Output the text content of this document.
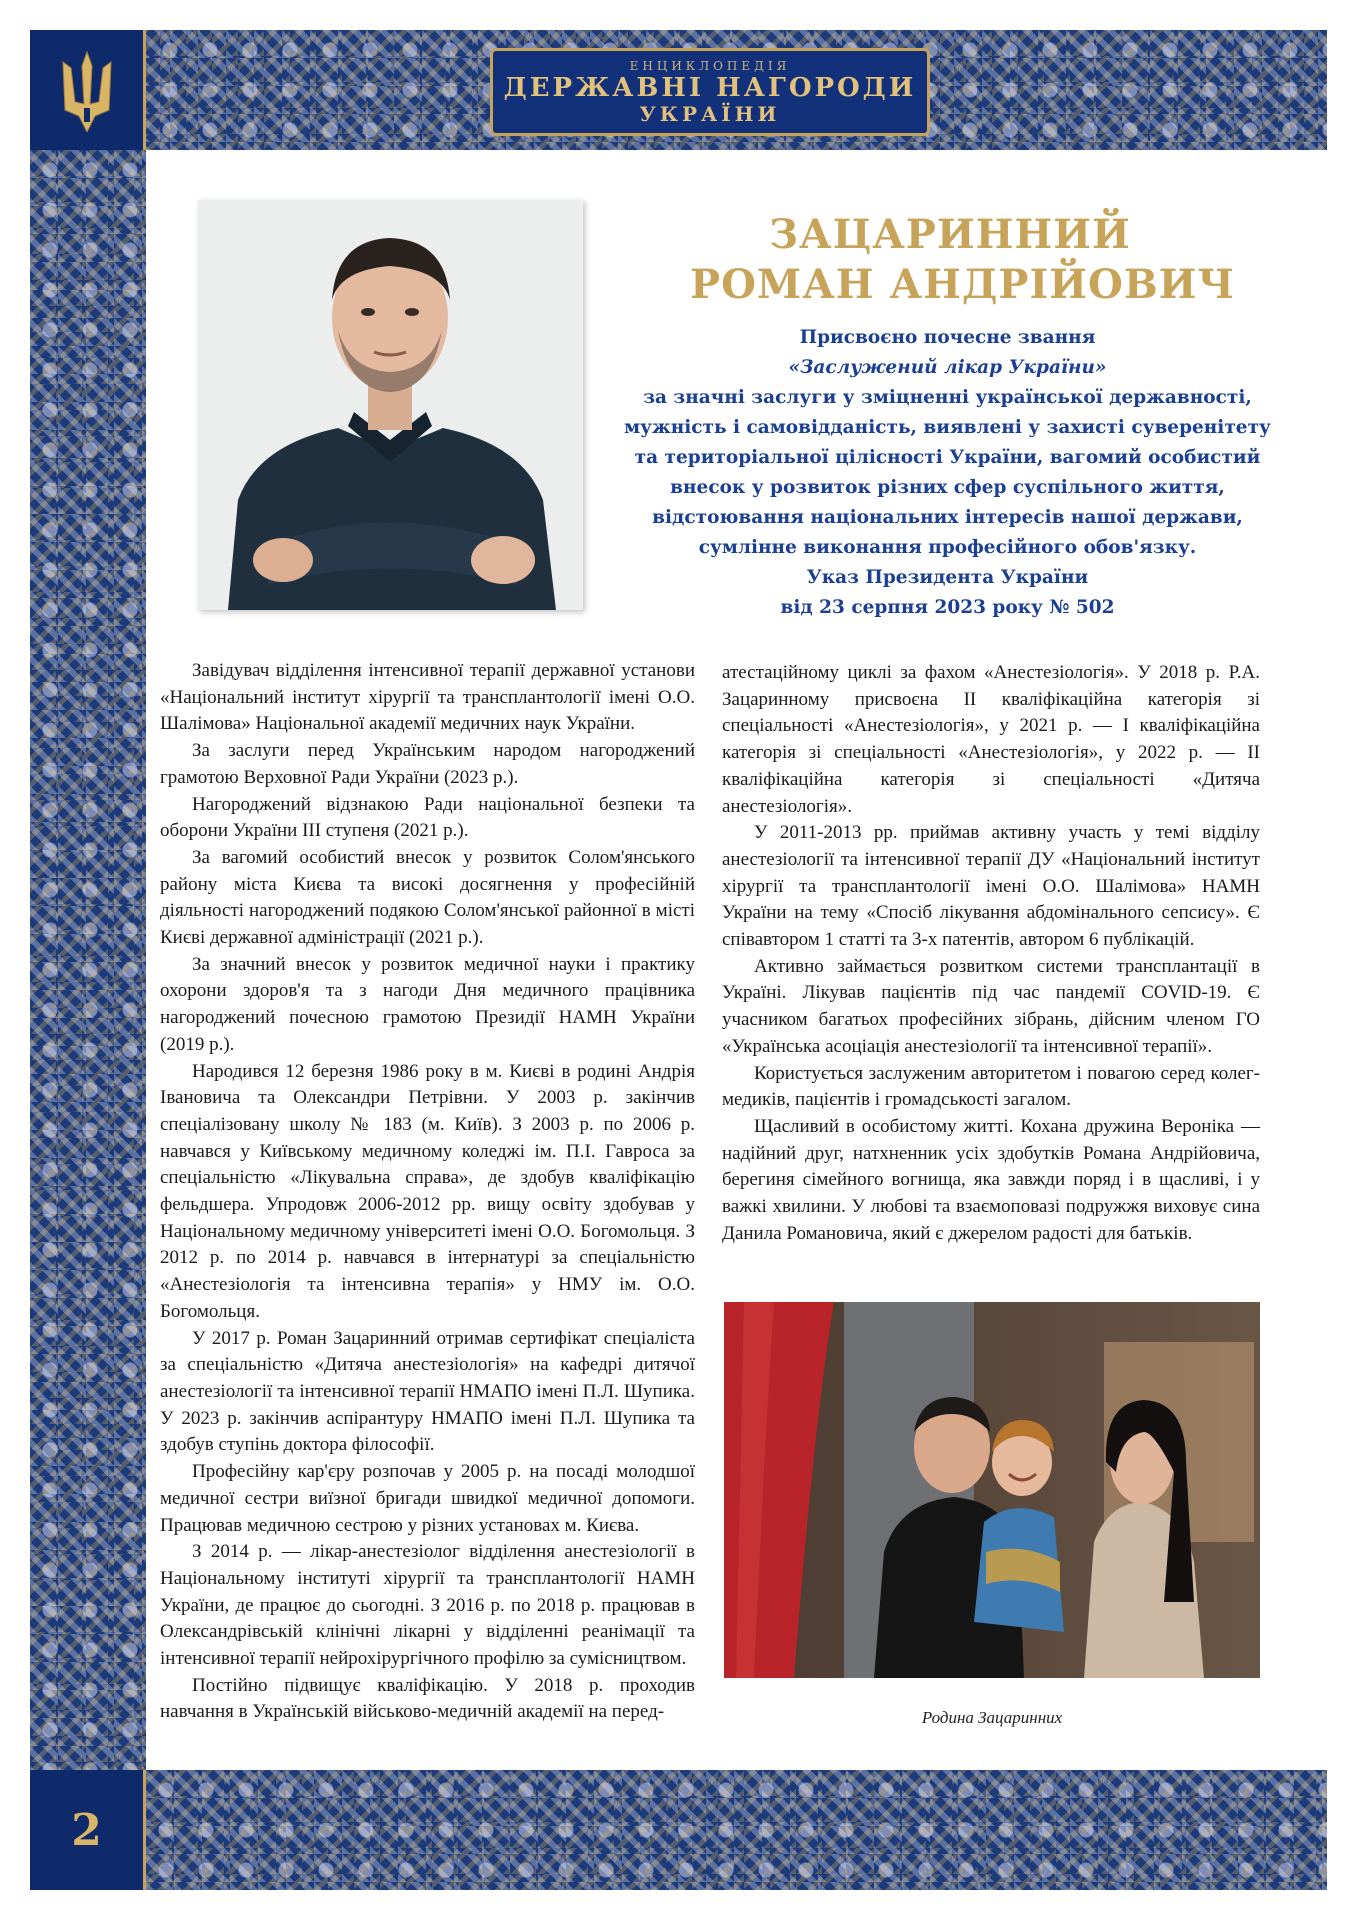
ЕНЦИКЛОПЕДІЯ
ДЕРЖАВНІ НАГОРОДИ
УКРАЇНИ
2
ЗАЦАРИННИЙ
РОМАН АНДРІЙОВИЧ
Присвоєно почесне звання
«Заслужений лікар України»
за значні заслуги у зміцненні української державності,
мужність і самовідданість, виявлені у захисті суверенітету
та територіальної цілісності України, вагомий особистий
внесок у розвиток різних сфер суспільного життя,
відстоювання національних інтересів нашої держави,
сумлінне виконання професійного обов'язку.
Указ Президента України
від 23 серпня 2023 року № 502

Завідувач відділення інтенсивної терапії державної установи «Національний інститут хірургії та трансплантології імені О.О. Шалімова» Національної академії медичних наук України.

За заслуги перед Українським народом нагороджений грамотою Верховної Ради України (2023 р.).

Нагороджений відзнакою Ради національної безпеки та оборони України III ступеня (2021 р.).

За вагомий особистий внесок у розвиток Солом'янського району міста Києва та високі досягнення у професійній діяльності нагороджений подякою Солом'янської районної в місті Києві державної адміністрації (2021 р.).

За значний внесок у розвиток медичної науки і практику охорони здоров'я та з нагоди Дня медичного працівника нагороджений почесною грамотою Президії НАМН України (2019 р.).

Народився 12 березня 1986 року в м. Києві в родині Андрія Івановича та Олександри Петрівни. У 2003 р. закінчив спеціалізовану школу № 183 (м. Київ). З 2003 р. по 2006 р. навчався у Київському медичному коледжі ім. П.І. Гавроса за спеціальністю «Лікувальна справа», де здобув кваліфікацію фельдшера. Упродовж 2006-2012 рр. вищу освіту здобував у Національному медичному університеті імені О.О. Богомольця. З 2012 р. по 2014 р. навчався в інтернатурі за спеціальністю «Анестезіологія та інтенсивна терапія» у НМУ ім. О.О. Богомольця.

У 2017 р. Роман Зацаринний отримав сертифікат спеціаліста за спеціальністю «Дитяча анестезіологія» на кафедрі дитячої анестезіології та інтенсивної терапії НМАПО імені П.Л. Шупика. У 2023 р. закінчив аспірантуру НМАПО імені П.Л. Шупика та здобув ступінь доктора філософії.

Професійну кар'єру розпочав у 2005 р. на посаді молодшої медичної сестри виїзної бригади швидкої медичної допомоги. Працював медичною сестрою у різних установах м. Києва.

З 2014 р. — лікар-анестезіолог відділення анестезіології в Національному інституті хірургії та трансплантології НАМН України, де працює до сьогодні. З 2016 р. по 2018 р. працював в Олександрівській клінічні лікарні у відділенні реанімації та інтенсивної терапії нейрохірургічного профілю за сумісництвом.

Постійно підвищує кваліфікацію. У 2018 р. проходив навчання в Українській військово-медичній академії на перед-

атестаційному циклі за фахом «Анестезіологія». У 2018 р. Р.А. Зацаринному присвоєна II кваліфікаційна категорія зі спеціальності «Анестезіологія», у 2021 р. — I кваліфікаційна категорія зі спеціальності «Анестезіологія», у 2022 р. — II кваліфікаційна категорія зі спеціальності «Дитяча анестезіологія».

У 2011-2013 рр. приймав активну участь у темі відділу анестезіології та інтенсивної терапії ДУ «Національний інститут хірургії та трансплантології імені О.О. Шалімова» НАМН України на тему «Спосіб лікування абдомінального сепсису». Є співавтором 1 статті та 3-х патентів, автором 6 публікацій.

Активно займається розвитком системи трансплантації в Україні. Лікував пацієнтів під час пандемії COVID-19. Є учасником багатьох професійних зібрань, дійсним членом ГО «Українська асоціація анестезіології та інтенсивної терапії».

Користується заслуженим авторитетом і повагою серед колег-медиків, пацієнтів і громадськості загалом.

Щасливий в особистому житті. Кохана дружина Вероніка — надійний друг, натхненник усіх здобутків Романа Андрійовича, берегиня сімейного вогнища, яка завжди поряд і в щасливі, і у важкі хвилини. У любові та взаємоповазі подружжя виховує сина Данила Романовича, який є джерелом радості для батьків.

Родина Зацаринних
